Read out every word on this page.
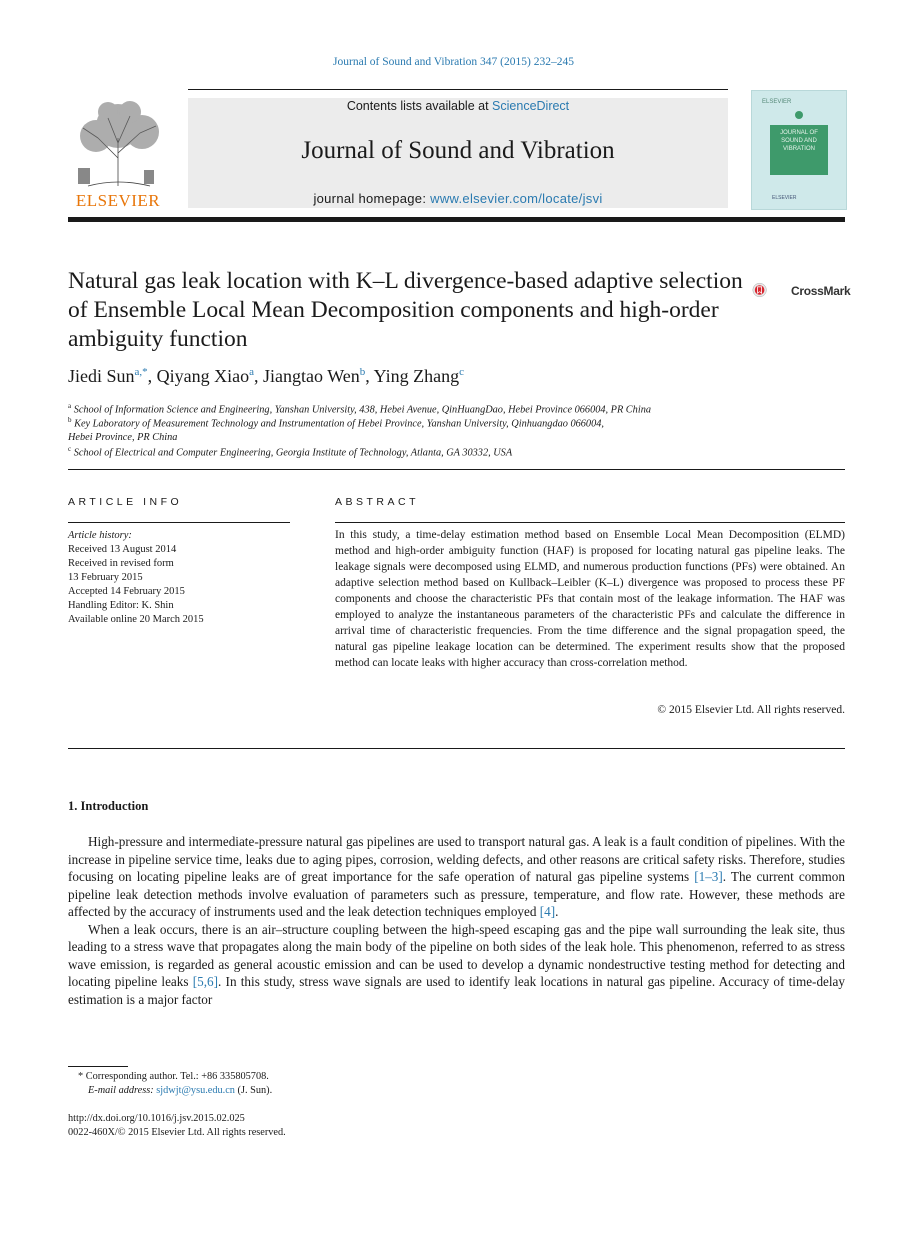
Journal of Sound and Vibration 347 (2015) 232–245
ELSEVIER
Contents lists available at ScienceDirect
Journal of Sound and Vibration
journal homepage: www.elsevier.com/locate/jsvi
ELSEVIER
JOURNAL OF SOUND AND VIBRATION
ELSEVIER
Natural gas leak location with K–L divergence-based adaptive selection of Ensemble Local Mean Decomposition components and high-order ambiguity function
CrossMark
Jiedi Sun$^{a,*}$, Qiyang Xiao$^a$, Jiangtao Wen$^b$, Ying Zhang$^c$
$^a$ School of Information Science and Engineering, Yanshan University, 438, Hebei Avenue, QinHuangDao, Hebei Province 066004, PR China
$^b$ Key Laboratory of Measurement Technology and Instrumentation of Hebei Province, Yanshan University, Qinhuangdao 066004,
Hebei Province, PR China
$^c$ School of Electrical and Computer Engineering, Georgia Institute of Technology, Atlanta, GA 30332, USA
ARTICLE INFO
Article history:
Received 13 August 2014
Received in revised form
13 February 2015
Accepted 14 February 2015
Handling Editor: K. Shin
Available online 20 March 2015
ABSTRACT
In this study, a time-delay estimation method based on Ensemble Local Mean Decomposition (ELMD) method and high-order ambiguity function (HAF) is proposed for locating natural gas pipeline leaks. The leakage signals were decomposed using ELMD, and numerous production functions (PFs) were obtained. An adaptive selection method based on Kullback–Leibler (K–L) divergence was proposed to process these PF components and choose the characteristic PFs that contain most of the leakage information. The HAF was employed to analyze the instantaneous parameters of the characteristic PFs and calculate the difference in arrival time of characteristic frequencies. From the time difference and the signal propagation speed, the natural gas pipeline leakage location can be determined. The experiment results show that the proposed method can locate leaks with higher accuracy than cross-correlation method.
© 2015 Elsevier Ltd. All rights reserved.
1. Introduction

High-pressure and intermediate-pressure natural gas pipelines are used to transport natural gas. A leak is a fault condition of pipelines. With the increase in pipeline service time, leaks due to aging pipes, corrosion, welding defects, and other reasons are critical safety risks. Therefore, studies focusing on locating pipeline leaks are of great importance for the safe operation of natural gas pipeline systems [1–3]. The current common pipeline leak detection methods involve evaluation of parameters such as pressure, temperature, and flow rate. However, these methods are affected by the accuracy of instruments used and the leak detection techniques employed [4].

When a leak occurs, there is an air–structure coupling between the high-speed escaping gas and the pipe wall surrounding the leak site, thus leading to a stress wave that propagates along the main body of the pipeline on both sides of the leak hole. This phenomenon, referred to as stress wave emission, is regarded as general acoustic emission and can be used to develop a dynamic nondestructive testing method for detecting and locating pipeline leaks [5,6]. In this study, stress wave signals are used to identify leak locations in natural gas pipeline. Accuracy of time-delay estimation is a major factor

* Corresponding author. Tel.: +86 335805708.
E-mail address: sjdwjt@ysu.edu.cn (J. Sun).
http://dx.doi.org/10.1016/j.jsv.2015.02.025
0022-460X/© 2015 Elsevier Ltd. All rights reserved.
